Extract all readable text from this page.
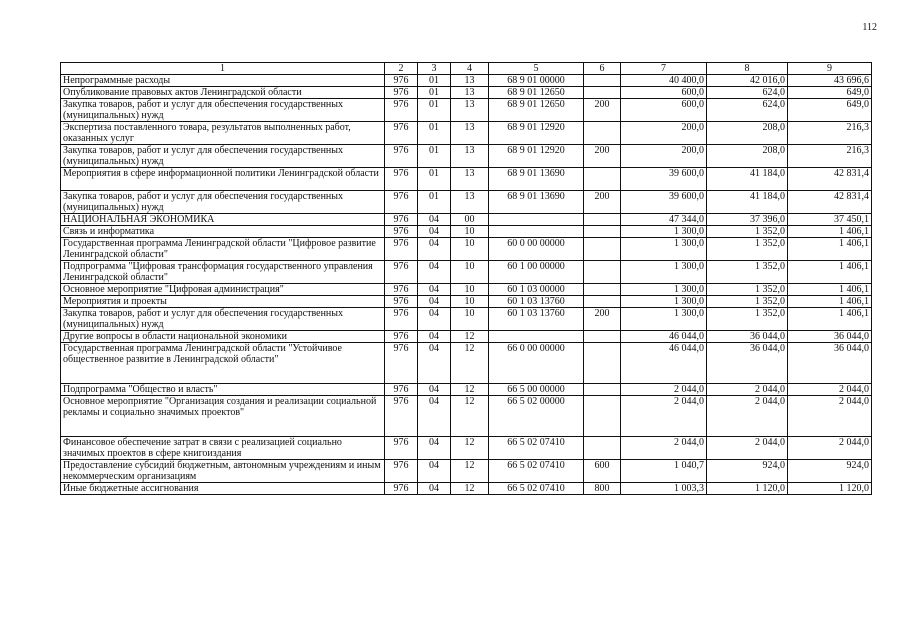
112
1	2	3	4	5	6	7	8	9
Непрограммные расходы	976	01	13	68 9 01 00000		40 400,0	42 016,0	43 696,6
Опубликование правовых актов Ленинградской области	976	01	13	68 9 01 12650		600,0	624,0	649,0
Закупка товаров, работ и услуг для обеспечения государственных (муниципальных) нужд	976	01	13	68 9 01 12650	200	600,0	624,0	649,0
Экспертиза поставленного товара, результатов выполненных работ, оказанных услуг	976	01	13	68 9 01 12920		200,0	208,0	216,3
Закупка товаров, работ и услуг для обеспечения государственных (муниципальных) нужд	976	01	13	68 9 01 12920	200	200,0	208,0	216,3
Мероприятия в сфере информационной политики Ленинградской области	976	01	13	68 9 01 13690		39 600,0	41 184,0	42 831,4
Закупка товаров, работ и услуг для обеспечения государственных (муниципальных) нужд	976	01	13	68 9 01 13690	200	39 600,0	41 184,0	42 831,4
НАЦИОНАЛЬНАЯ ЭКОНОМИКА	976	04	00			47 344,0	37 396,0	37 450,1
Связь и информатика	976	04	10			1 300,0	1 352,0	1 406,1
Государственная программа Ленинградской области "Цифровое развитие Ленинградской области"	976	04	10	60 0 00 00000		1 300,0	1 352,0	1 406,1
Подпрограмма "Цифровая трансформация государственного управления Ленинградской области"	976	04	10	60 1 00 00000		1 300,0	1 352,0	1 406,1
Основное мероприятие "Цифровая администрация"	976	04	10	60 1 03 00000		1 300,0	1 352,0	1 406,1
Мероприятия и проекты	976	04	10	60 1 03 13760		1 300,0	1 352,0	1 406,1
Закупка товаров, работ и услуг для обеспечения государственных (муниципальных) нужд	976	04	10	60 1 03 13760	200	1 300,0	1 352,0	1 406,1
Другие вопросы в области национальной экономики	976	04	12			46 044,0	36 044,0	36 044,0
Государственная программа Ленинградской области "Устойчивое общественное развитие в Ленинградской области"	976	04	12	66 0 00 00000		46 044,0	36 044,0	36 044,0
Подпрограмма "Общество и власть"	976	04	12	66 5 00 00000		2 044,0	2 044,0	2 044,0
Основное мероприятие "Организация создания и реализации социальной рекламы и социально значимых проектов"	976	04	12	66 5 02 00000		2 044,0	2 044,0	2 044,0
Финансовое обеспечение затрат в связи с реализацией социально значимых проектов в сфере книгоиздания	976	04	12	66 5 02 07410		2 044,0	2 044,0	2 044,0
Предоставление субсидий бюджетным, автономным учреждениям и иным некоммерческим организациям	976	04	12	66 5 02 07410	600	1 040,7	924,0	924,0
Иные бюджетные ассигнования	976	04	12	66 5 02 07410	800	1 003,3	1 120,0	1 120,0
